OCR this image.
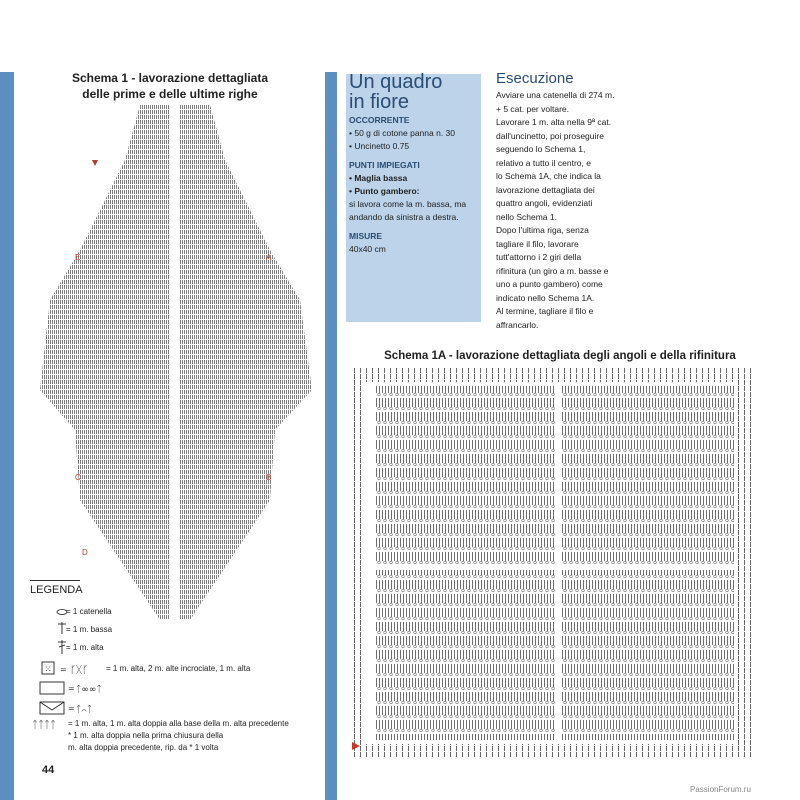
Schema 1 - lavorazione dettagliata
delle prime e delle ultime righe
E	A
C	B
D
Un quadro
in fiore
OCCORRENTE
• 50 g di cotone panna n. 30
• Uncinetto 0.75
PUNTI IMPIEGATI
• Maglia bassa
• Punto gambero:
si lavora come la m. bassa, ma andando da sinistra a destra.
MISURE
40x40 cm
Esecuzione
Avviare una catenella di 274 m.
+ 5 cat. per voltare.
Lavorare 1 m. alta nella 9ª cat.
dall'uncinetto, poi proseguire
seguendo lo Schema 1,
relativo a tutto il centro, e
lo Schema 1A, che indica la
lavorazione dettagliata dei
quattro angoli, evidenziati
nello Schema 1.
Dopo l'ultima riga, senza
tagliare il filo, lavorare
tutt'attorno i 2 giri della
rifinitura (un giro a m. basse e
uno a punto gambero) come
indicato nello Schema 1A.
Al termine, tagliare il filo e
affrancarlo.
Schema 1A - lavorazione dettagliata degli angoli e della rifinitura
LEGENDA
⁙ = ᚴᚷᚴ
= ᛏ∞∞ᛏ
= ᛏ⌒ᛏ
ᛏᛏᛏᛏ
= 1 catenella
= 1 m. bassa
= 1 m. alta
= 1 m. alta, 2 m. alte incrociate, 1 m. alta
= 1 m. alta, 1 m. alta doppia alla base della m. alta precedente
* 1 m. alta doppia nella prima chiusura della
m. alta doppia precedente, rip. da * 1 volta
44
PassionForum.ru
